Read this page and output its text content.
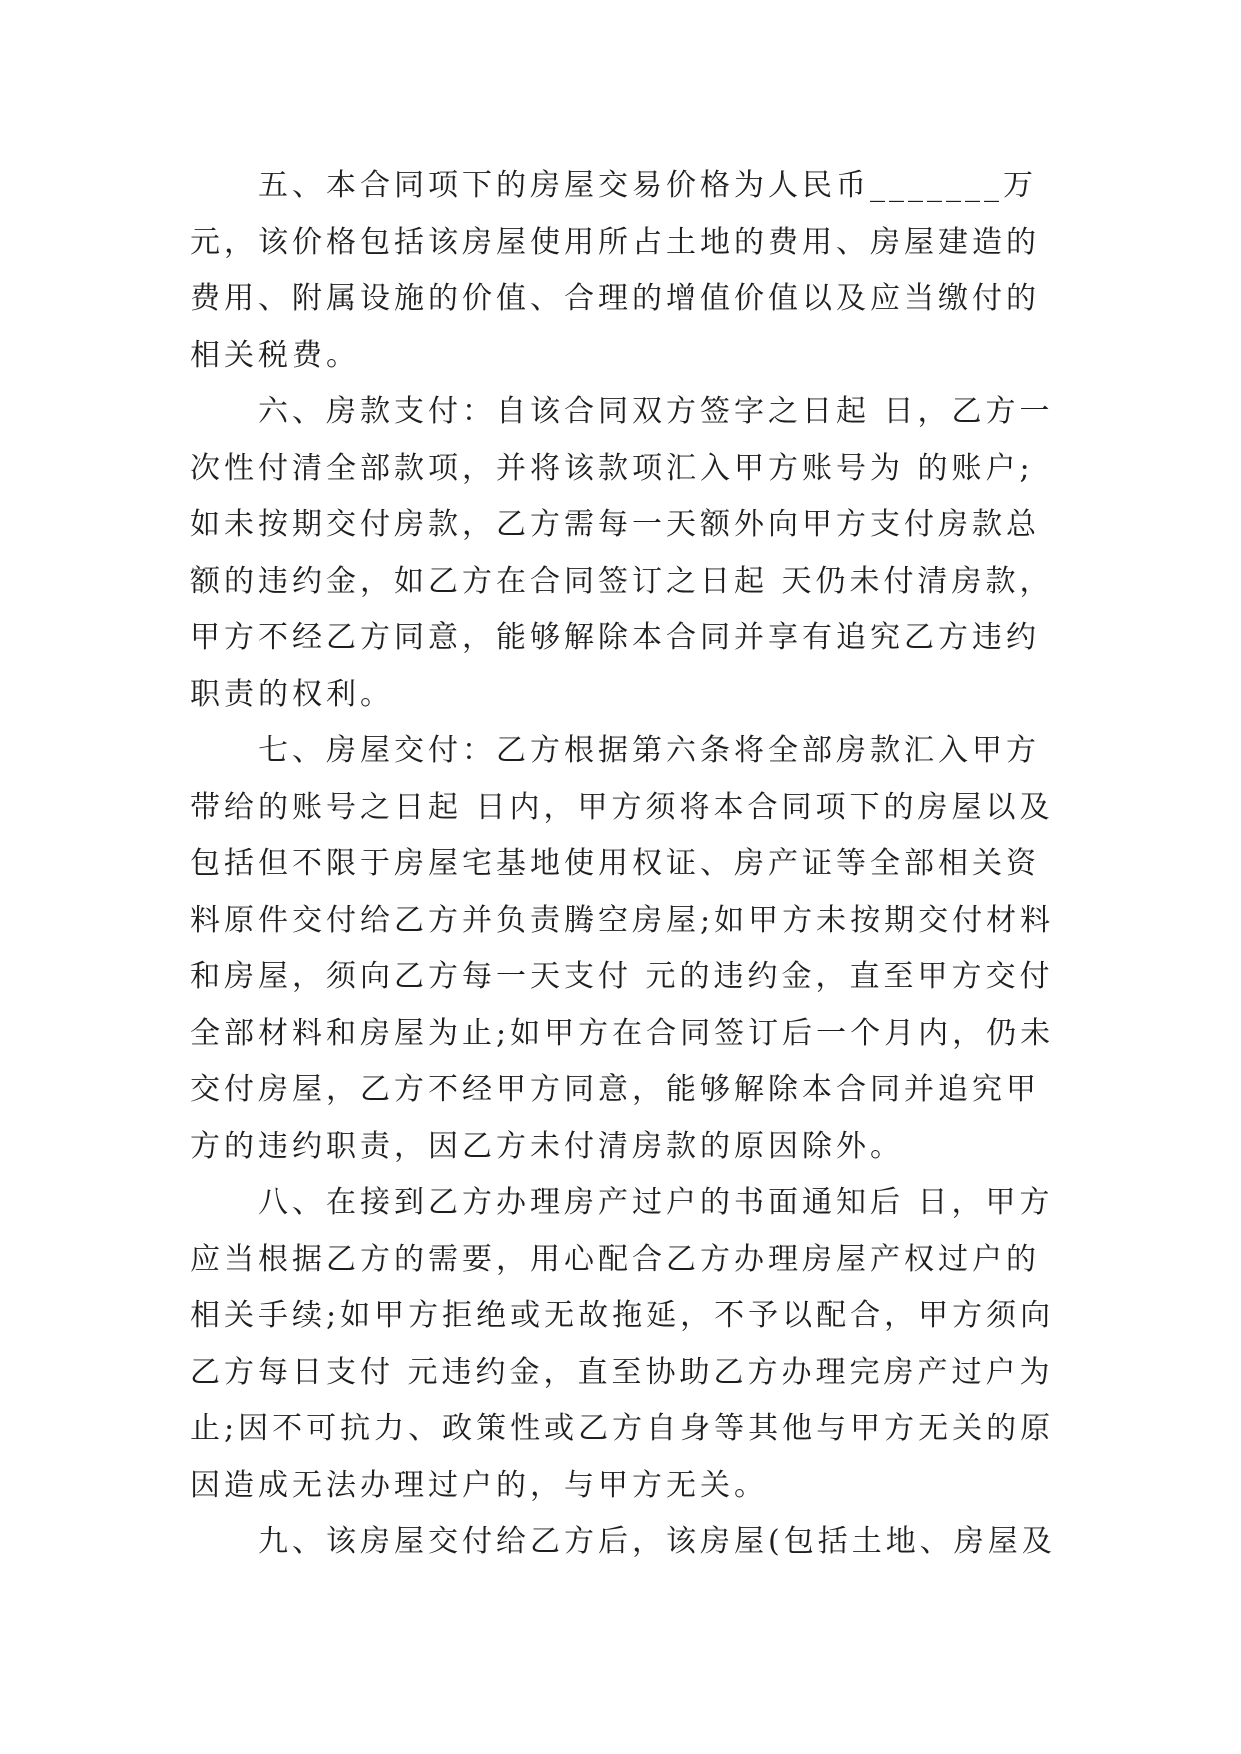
五、本合同项下的房屋交易价格为人民币_______万元，该价格包括该房屋使用所占土地的费用、房屋建造的费用、附属设施的价值、合理的增值价值以及应当缴付的相关税费。

六、房款支付：自该合同双方签字之日起 日，乙方一次性付清全部款项，并将该款项汇入甲方账号为 的账户;如未按期交付房款，乙方需每一天额外向甲方支付房款总额的违约金，如乙方在合同签订之日起 天仍未付清房款，甲方不经乙方同意，能够解除本合同并享有追究乙方违约职责的权利。

七、房屋交付：乙方根据第六条将全部房款汇入甲方带给的账号之日起 日内，甲方须将本合同项下的房屋以及包括但不限于房屋宅基地使用权证、房产证等全部相关资料原件交付给乙方并负责腾空房屋;如甲方未按期交付材料和房屋，须向乙方每一天支付 元的违约金，直至甲方交付全部材料和房屋为止;如甲方在合同签订后一个月内，仍未交付房屋，乙方不经甲方同意，能够解除本合同并追究甲方的违约职责，因乙方未付清房款的原因除外。

八、在接到乙方办理房产过户的书面通知后 日，甲方应当根据乙方的需要，用心配合乙方办理房屋产权过户的相关手续;如甲方拒绝或无故拖延，不予以配合，甲方须向乙方每日支付 元违约金，直至协助乙方办理完房产过户为止;因不可抗力、政策性或乙方自身等其他与甲方无关的原因造成无法办理过户的，与甲方无关。

九、该房屋交付给乙方后，该房屋(包括土地、房屋及
